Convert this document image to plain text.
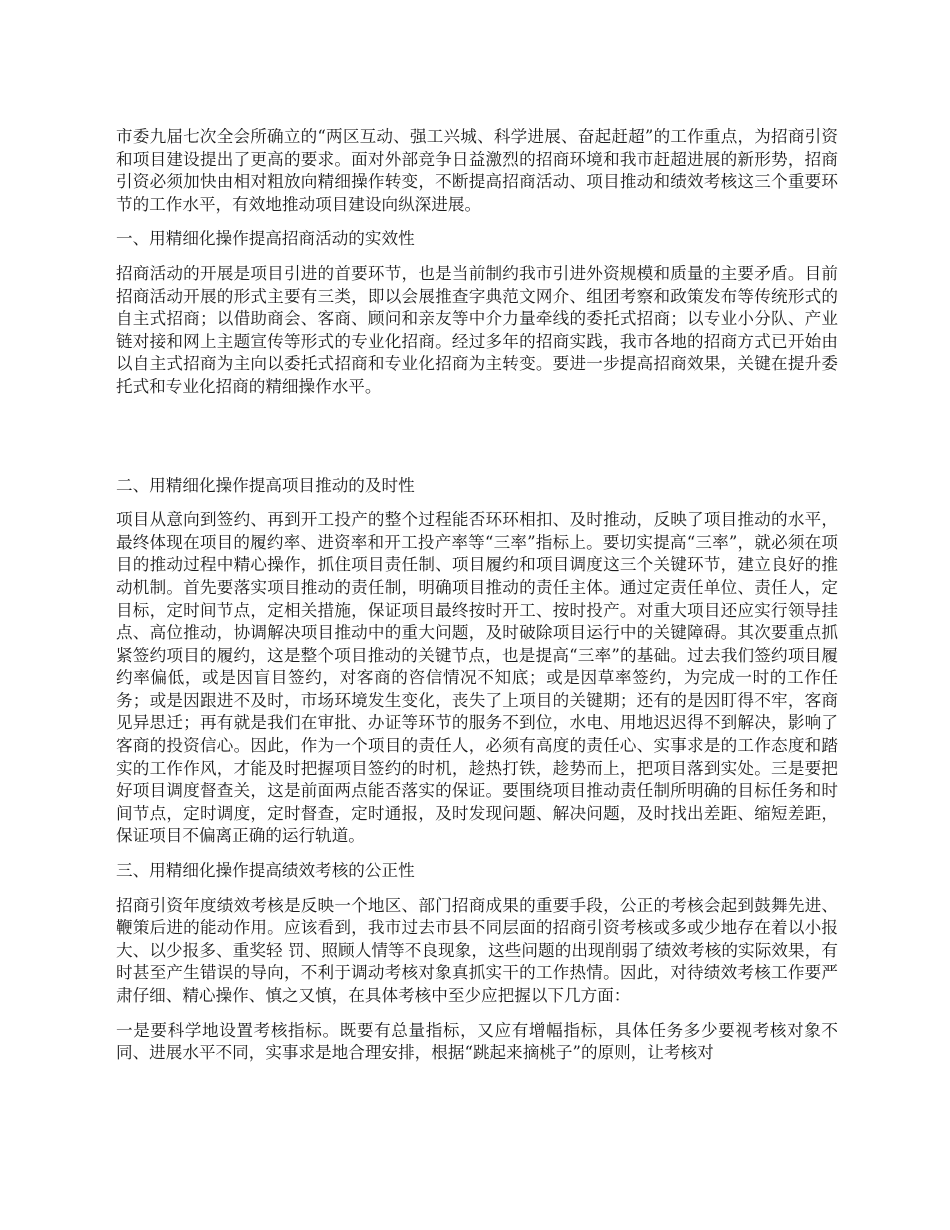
市委九届七次全会所确立的“两区互动、强工兴城、科学进展、奋起赶超”的工作重点，为招商引资和项目建设提出了更高的要求。面对外部竞争日益激烈的招商环境和我市赶超进展的新形势，招商引资必须加快由相对粗放向精细操作转变，不断提高招商活动、项目推动和绩效考核这三个重要环节的工作水平，有效地推动项目建设向纵深进展。

一、用精细化操作提高招商活动的实效性

招商活动的开展是项目引进的首要环节，也是当前制约我市引进外资规模和质量的主要矛盾。目前招商活动开展的形式主要有三类，即以会展推查字典范文网介、组团考察和政策发布等传统形式的自主式招商；以借助商会、客商、顾问和亲友等中介力量牵线的委托式招商；以专业小分队、产业链对接和网上主题宣传等形式的专业化招商。经过多年的招商实践，我市各地的招商方式已开始由以自主式招商为主向以委托式招商和专业化招商为主转变。要进一步提高招商效果，关键在提升委托式和专业化招商的精细操作水平。

二、用精细化操作提高项目推动的及时性

项目从意向到签约、再到开工投产的整个过程能否环环相扣、及时推动，反映了项目推动的水平，最终体现在项目的履约率、进资率和开工投产率等“三率”指标上。要切实提高“三率”，就必须在项目的推动过程中精心操作，抓住项目责任制、项目履约和项目调度这三个关键环节，建立良好的推动机制。首先要落实项目推动的责任制，明确项目推动的责任主体。通过定责任单位、责任人，定目标，定时间节点，定相关措施，保证项目最终按时开工、按时投产。对重大项目还应实行领导挂点、高位推动，协调解决项目推动中的重大问题，及时破除项目运行中的关键障碍。其次要重点抓紧签约项目的履约，这是整个项目推动的关键节点，也是提高“三率”的基础。过去我们签约项目履约率偏低，或是因盲目签约，对客商的咨信情况不知底；或是因草率签约，为完成一时的工作任务；或是因跟进不及时，市场环境发生变化，丧失了上项目的关键期；还有的是因盯得不牢，客商见异思迁；再有就是我们在审批、办证等环节的服务不到位，水电、用地迟迟得不到解决，影响了客商的投资信心。因此，作为一个项目的责任人，必须有高度的责任心、实事求是的工作态度和踏实的工作作风，才能及时把握项目签约的时机，趁热打铁，趁势而上，把项目落到实处。三是要把好项目调度督查关，这是前面两点能否落实的保证。要围绕项目推动责任制所明确的目标任务和时间节点，定时调度，定时督查，定时通报，及时发现问题、解决问题，及时找出差距、缩短差距，保证项目不偏离正确的运行轨道。

三、用精细化操作提高绩效考核的公正性

招商引资年度绩效考核是反映一个地区、部门招商成果的重要手段，公正的考核会起到鼓舞先进、鞭策后进的能动作用。应该看到，我市过去市县不同层面的招商引资考核或多或少地存在着以小报大、以少报多、重奖轻 罚、照顾人情等不良现象，这些问题的出现削弱了绩效考核的实际效果，有时甚至产生错误的导向，不利于调动考核对象真抓实干的工作热情。因此，对待绩效考核工作要严肃仔细、精心操作、慎之又慎，在具体考核中至少应把握以下几方面：

一是要科学地设置考核指标。既要有总量指标，又应有增幅指标，具体任务多少要视考核对象不同、进展水平不同，实事求是地合理安排，根据“跳起来摘桃子”的原则，让考核对
